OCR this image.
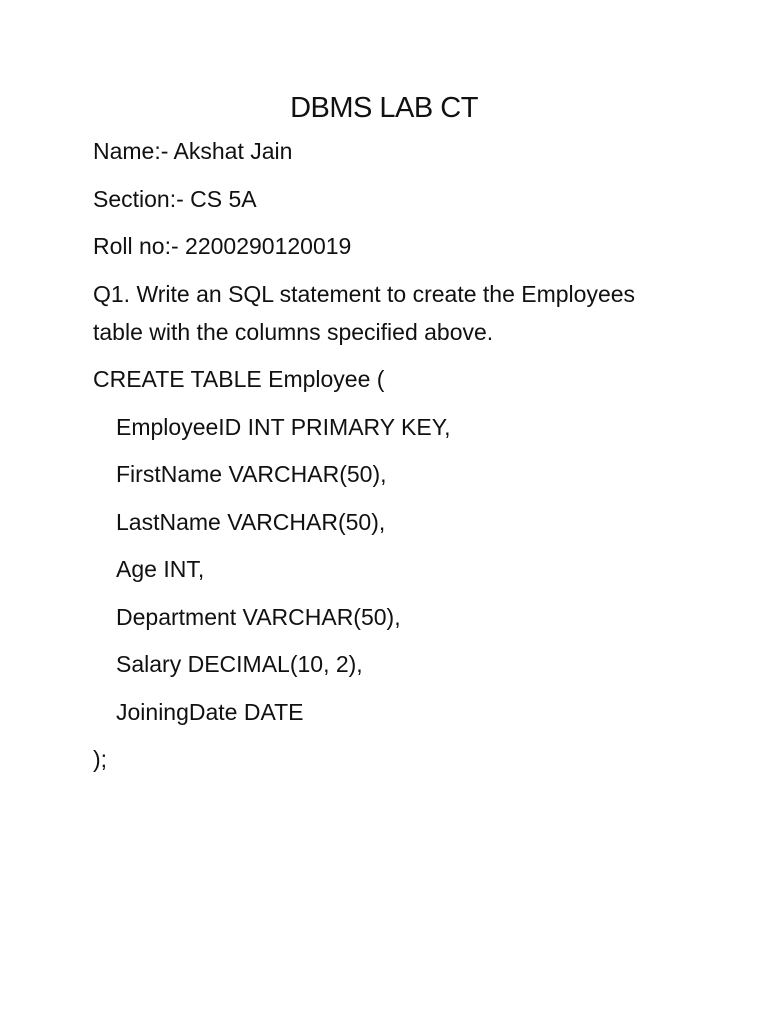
DBMS LAB CT

Name:- Akshat Jain

Section:- CS 5A

Roll no:- 2200290120019

Q1. Write an SQL statement to create the Employees table with the columns specified above.

CREATE TABLE Employee (
EmployeeID INT PRIMARY KEY,
FirstName VARCHAR(50),
LastName VARCHAR(50),
Age INT,
Department VARCHAR(50),
Salary DECIMAL(10, 2),
JoiningDate DATE
);
